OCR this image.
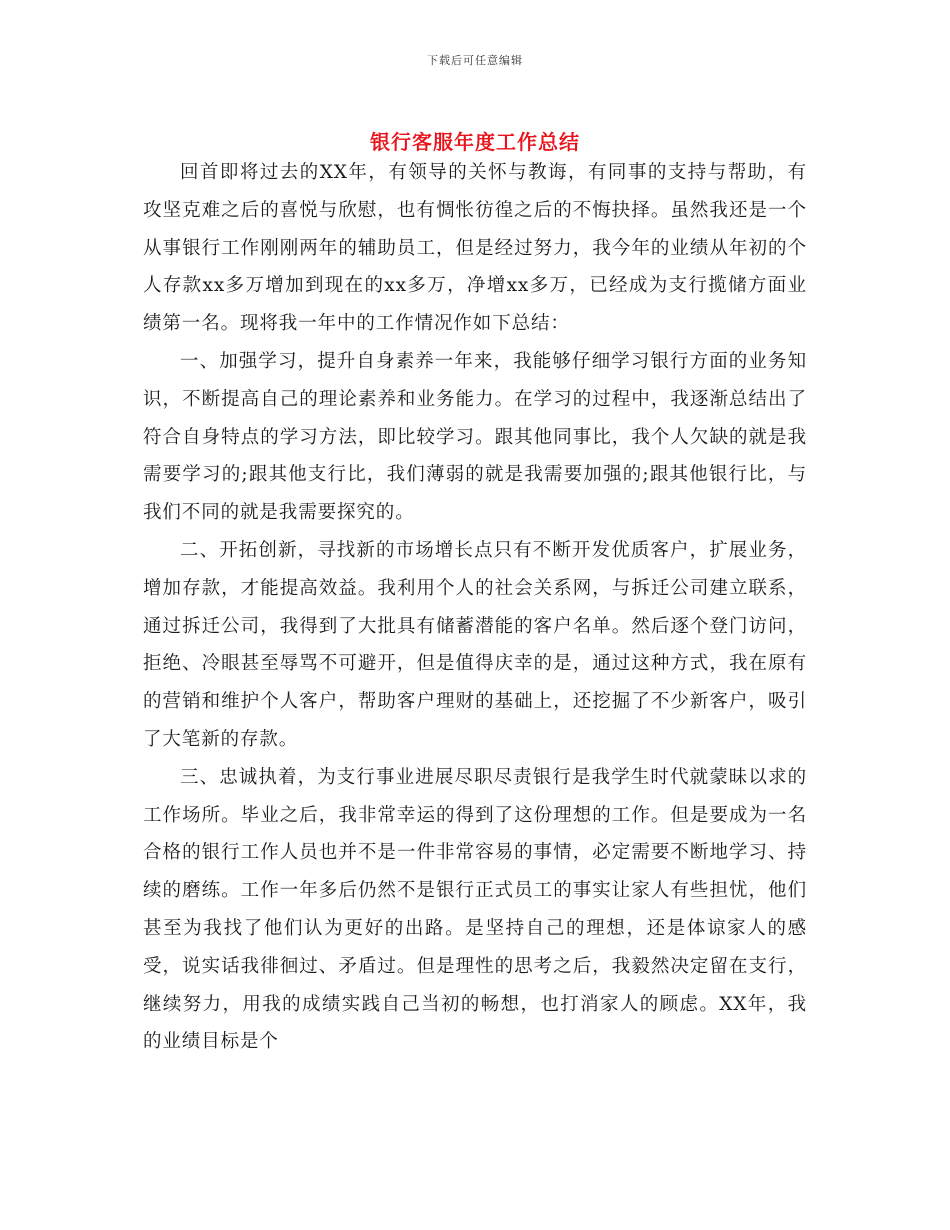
下载后可任意编辑
银行客服年度工作总结

回首即将过去的XX年，有领导的关怀与教诲，有同事的支持与帮助，有攻坚克难之后的喜悦与欣慰，也有惆怅彷徨之后的不悔抉择。虽然我还是一个从事银行工作刚刚两年的辅助员工，但是经过努力，我今年的业绩从年初的个人存款xx多万增加到现在的xx多万，净增xx多万，已经成为支行揽储方面业绩第一名。现将我一年中的工作情况作如下总结：

一、加强学习，提升自身素养一年来，我能够仔细学习银行方面的业务知识，不断提高自己的理论素养和业务能力。在学习的过程中，我逐渐总结出了符合自身特点的学习方法，即比较学习。跟其他同事比，我个人欠缺的就是我需要学习的;跟其他支行比，我们薄弱的就是我需要加强的;跟其他银行比，与我们不同的就是我需要探究的。

二、开拓创新，寻找新的市场增长点只有不断开发优质客户，扩展业务，增加存款，才能提高效益。我利用个人的社会关系网，与拆迁公司建立联系，通过拆迁公司，我得到了大批具有储蓄潜能的客户名单。然后逐个登门访问，拒绝、冷眼甚至辱骂不可避开，但是值得庆幸的是，通过这种方式，我在原有的营销和维护个人客户，帮助客户理财的基础上，还挖掘了不少新客户，吸引了大笔新的存款。

三、忠诚执着，为支行事业进展尽职尽责银行是我学生时代就蒙昧以求的工作场所。毕业之后，我非常幸运的得到了这份理想的工作。但是要成为一名合格的银行工作人员也并不是一件非常容易的事情，必定需要不断地学习、持续的磨练。工作一年多后仍然不是银行正式员工的事实让家人有些担忧，他们甚至为我找了他们认为更好的出路。是坚持自己的理想，还是体谅家人的感受，说实话我徘徊过、矛盾过。但是理性的思考之后，我毅然决定留在支行，继续努力，用我的成绩实践自己当初的畅想，也打消家人的顾虑。XX年，我的业绩目标是个
